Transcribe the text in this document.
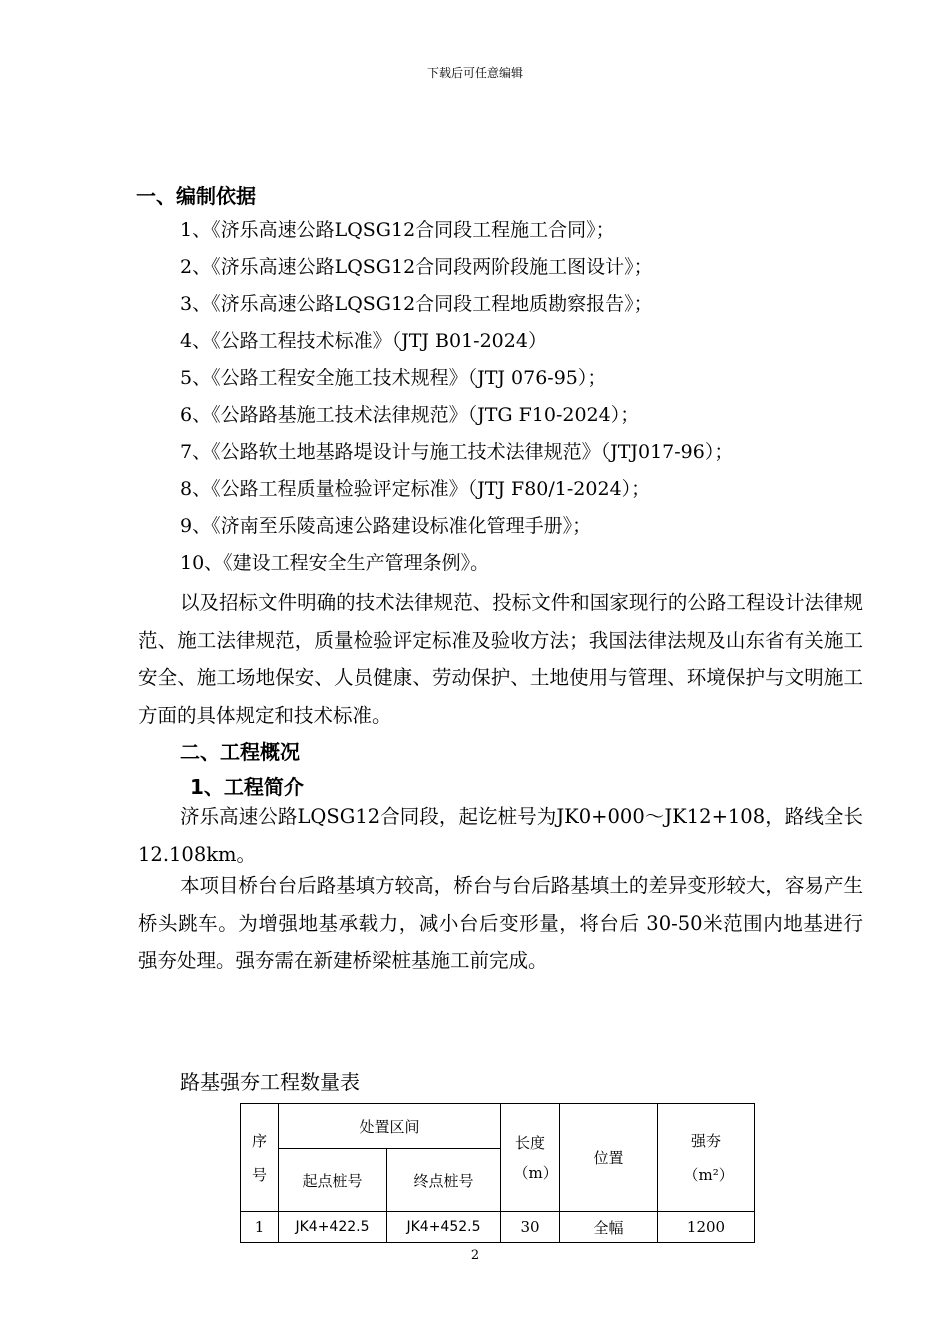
下载后可任意编辑
一、编制依据
1、《济乐高速公路LQSG12合同段工程施工合同》；
2、《济乐高速公路LQSG12合同段两阶段施工图设计》；
3、《济乐高速公路LQSG12合同段工程地质勘察报告》；
4、《公路工程技术标准》（JTJ B01-2024）
5、《公路工程安全施工技术规程》（JTJ 076-95）；
6、《公路路基施工技术法律规范》（JTG F10-2024）；
7、《公路软土地基路堤设计与施工技术法律规范》（JTJ017-96）；
8、《公路工程质量检验评定标准》（JTJ F80/1-2024）；
9、《济南至乐陵高速公路建设标准化管理手册》；
10、《建设工程安全生产管理条例》。

以及招标文件明确的技术法律规范、投标文件和国家现行的公路工程设计法律规范、施工法律规范，质量检验评定标准及验收方法；我国法律法规及山东省有关施工安全、施工场地保安、人员健康、劳动保护、土地使用与管理、环境保护与文明施工方面的具体规定和技术标准。

二、工程概况
1、工程简介

济乐高速公路LQSG12合同段，起讫桩号为JK0+000～JK12+108，路线全长12.108km。

本项目桥台台后路基填方较高，桥台与台后路基填土的差异变形较大，容易产生桥头跳车。为增强地基承载力，减小台后变形量，将台后 30-50米范围内地基进行强夯处理。强夯需在新建桥梁桩基施工前完成。

路基强夯工程数量表
序号	处置区间		长度（m）	位置	强夯（m²）

	起点桩号	终点桩号			
1	JK4+422.5	JK4+452.5	30	全幅	1200
2
